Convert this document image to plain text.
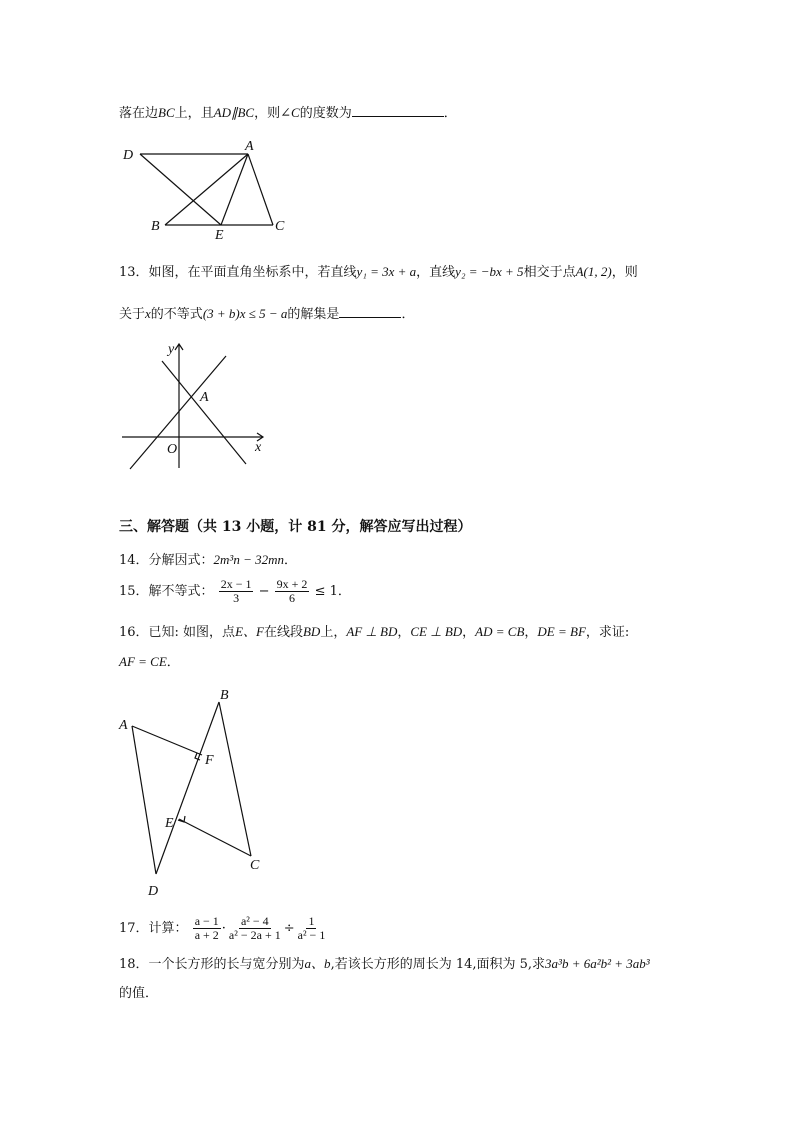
落在边BC上，且AD∥BC，则∠C的度数为	．
D
A
B
E
C
13．如图，在平面直角坐标系中，若直线y₁ = 3x + a，直线y₂ = −bx + 5相交于点A(1, 2)，则
关于x的不等式(3 + b)x ≤ 5 − a的解集是	．
y
x
O
A
三、解答题（共 13 小题，计 81 分，解答应写出过程）
14．分解因式：2m³n − 32mn．
15．解不等式： $\frac{2x - 1}{3} - \frac{9x + 2}{6} \le 1$．
16．已知: 如图，点E、F在线段BD上，AF ⊥ BD，CE ⊥ BD，AD = CB，DE = BF，求证:
AF = CE．
B
A
F
E
C
D
17．计算： $\frac{a - 1}{a + 2} \cdot \frac{\text{a² − 4}}{\text{a² − 2a + 1}} \div \frac{1}{\text{a² − 1}}$
18．一个长方形的长与宽分别为a、b,若该长方形的周长为 14,面积为 5,求3a³b + 6a²b² + 3ab³
的值．
